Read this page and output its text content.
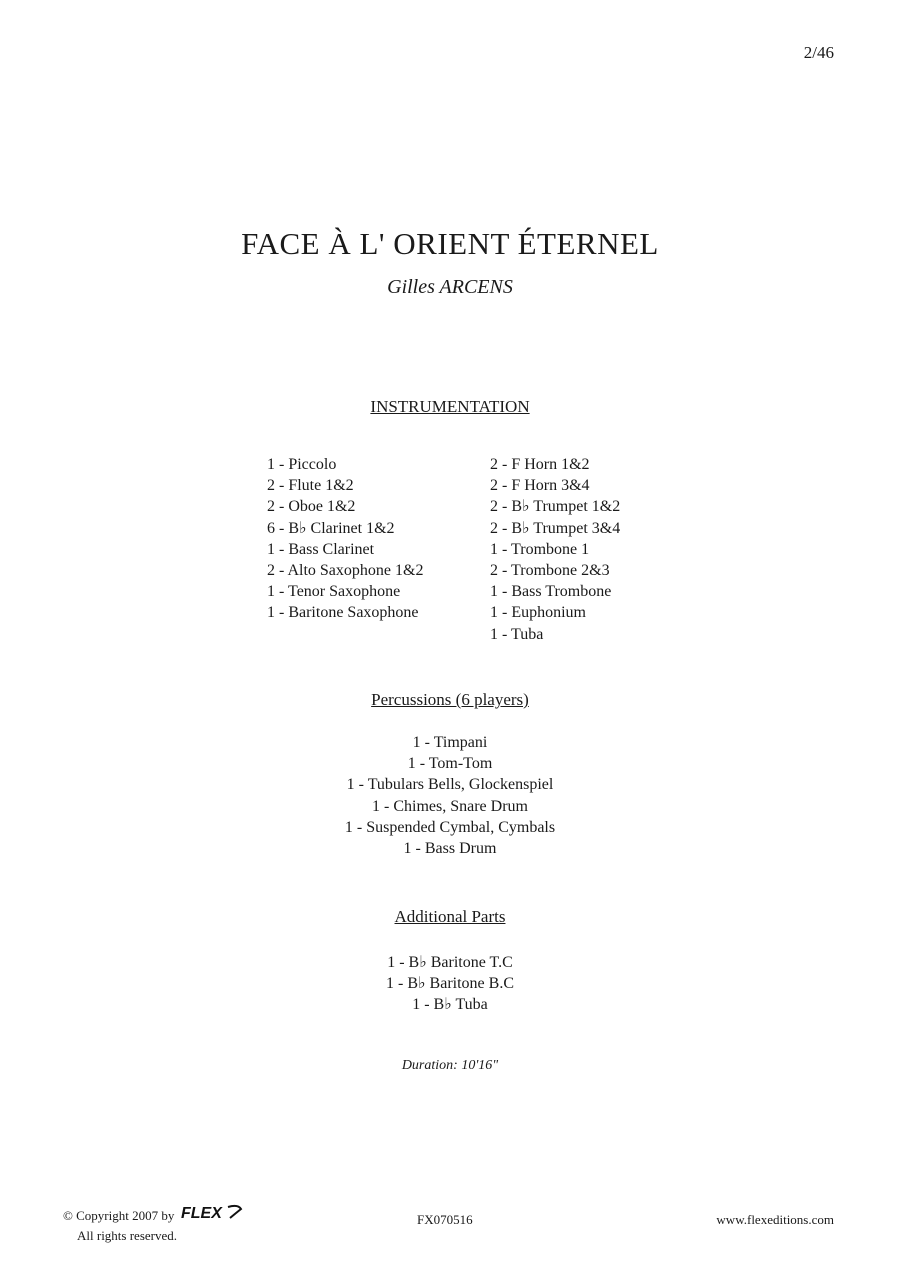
2/46
FACE À L' ORIENT ÉTERNEL
Gilles ARCENS
INSTRUMENTATION
1 - Piccolo
2 - Flute 1&2
2 - Oboe 1&2
6 - B♭ Clarinet 1&2
1 - Bass Clarinet
2 - Alto Saxophone 1&2
1 - Tenor Saxophone
1 - Baritone Saxophone
2 - F Horn 1&2
2 - F Horn 3&4
2 - B♭ Trumpet 1&2
2 - B♭ Trumpet 3&4
1 - Trombone 1
2 - Trombone 2&3
1 - Bass Trombone
1 - Euphonium
1 - Tuba
Percussions (6 players)
1 - Timpani
1 - Tom-Tom
1 - Tubulars Bells, Glockenspiel
1 - Chimes, Snare Drum
1 - Suspended Cymbal, Cymbals
1 - Bass Drum
Additional Parts
1 - B♭ Baritone T.C
1 - B♭ Baritone B.C
1 - B♭ Tuba
Duration: 10'16"
© Copyright 2007 by FLEX
All rights reserved.
FX070516	www.flexeditions.com
